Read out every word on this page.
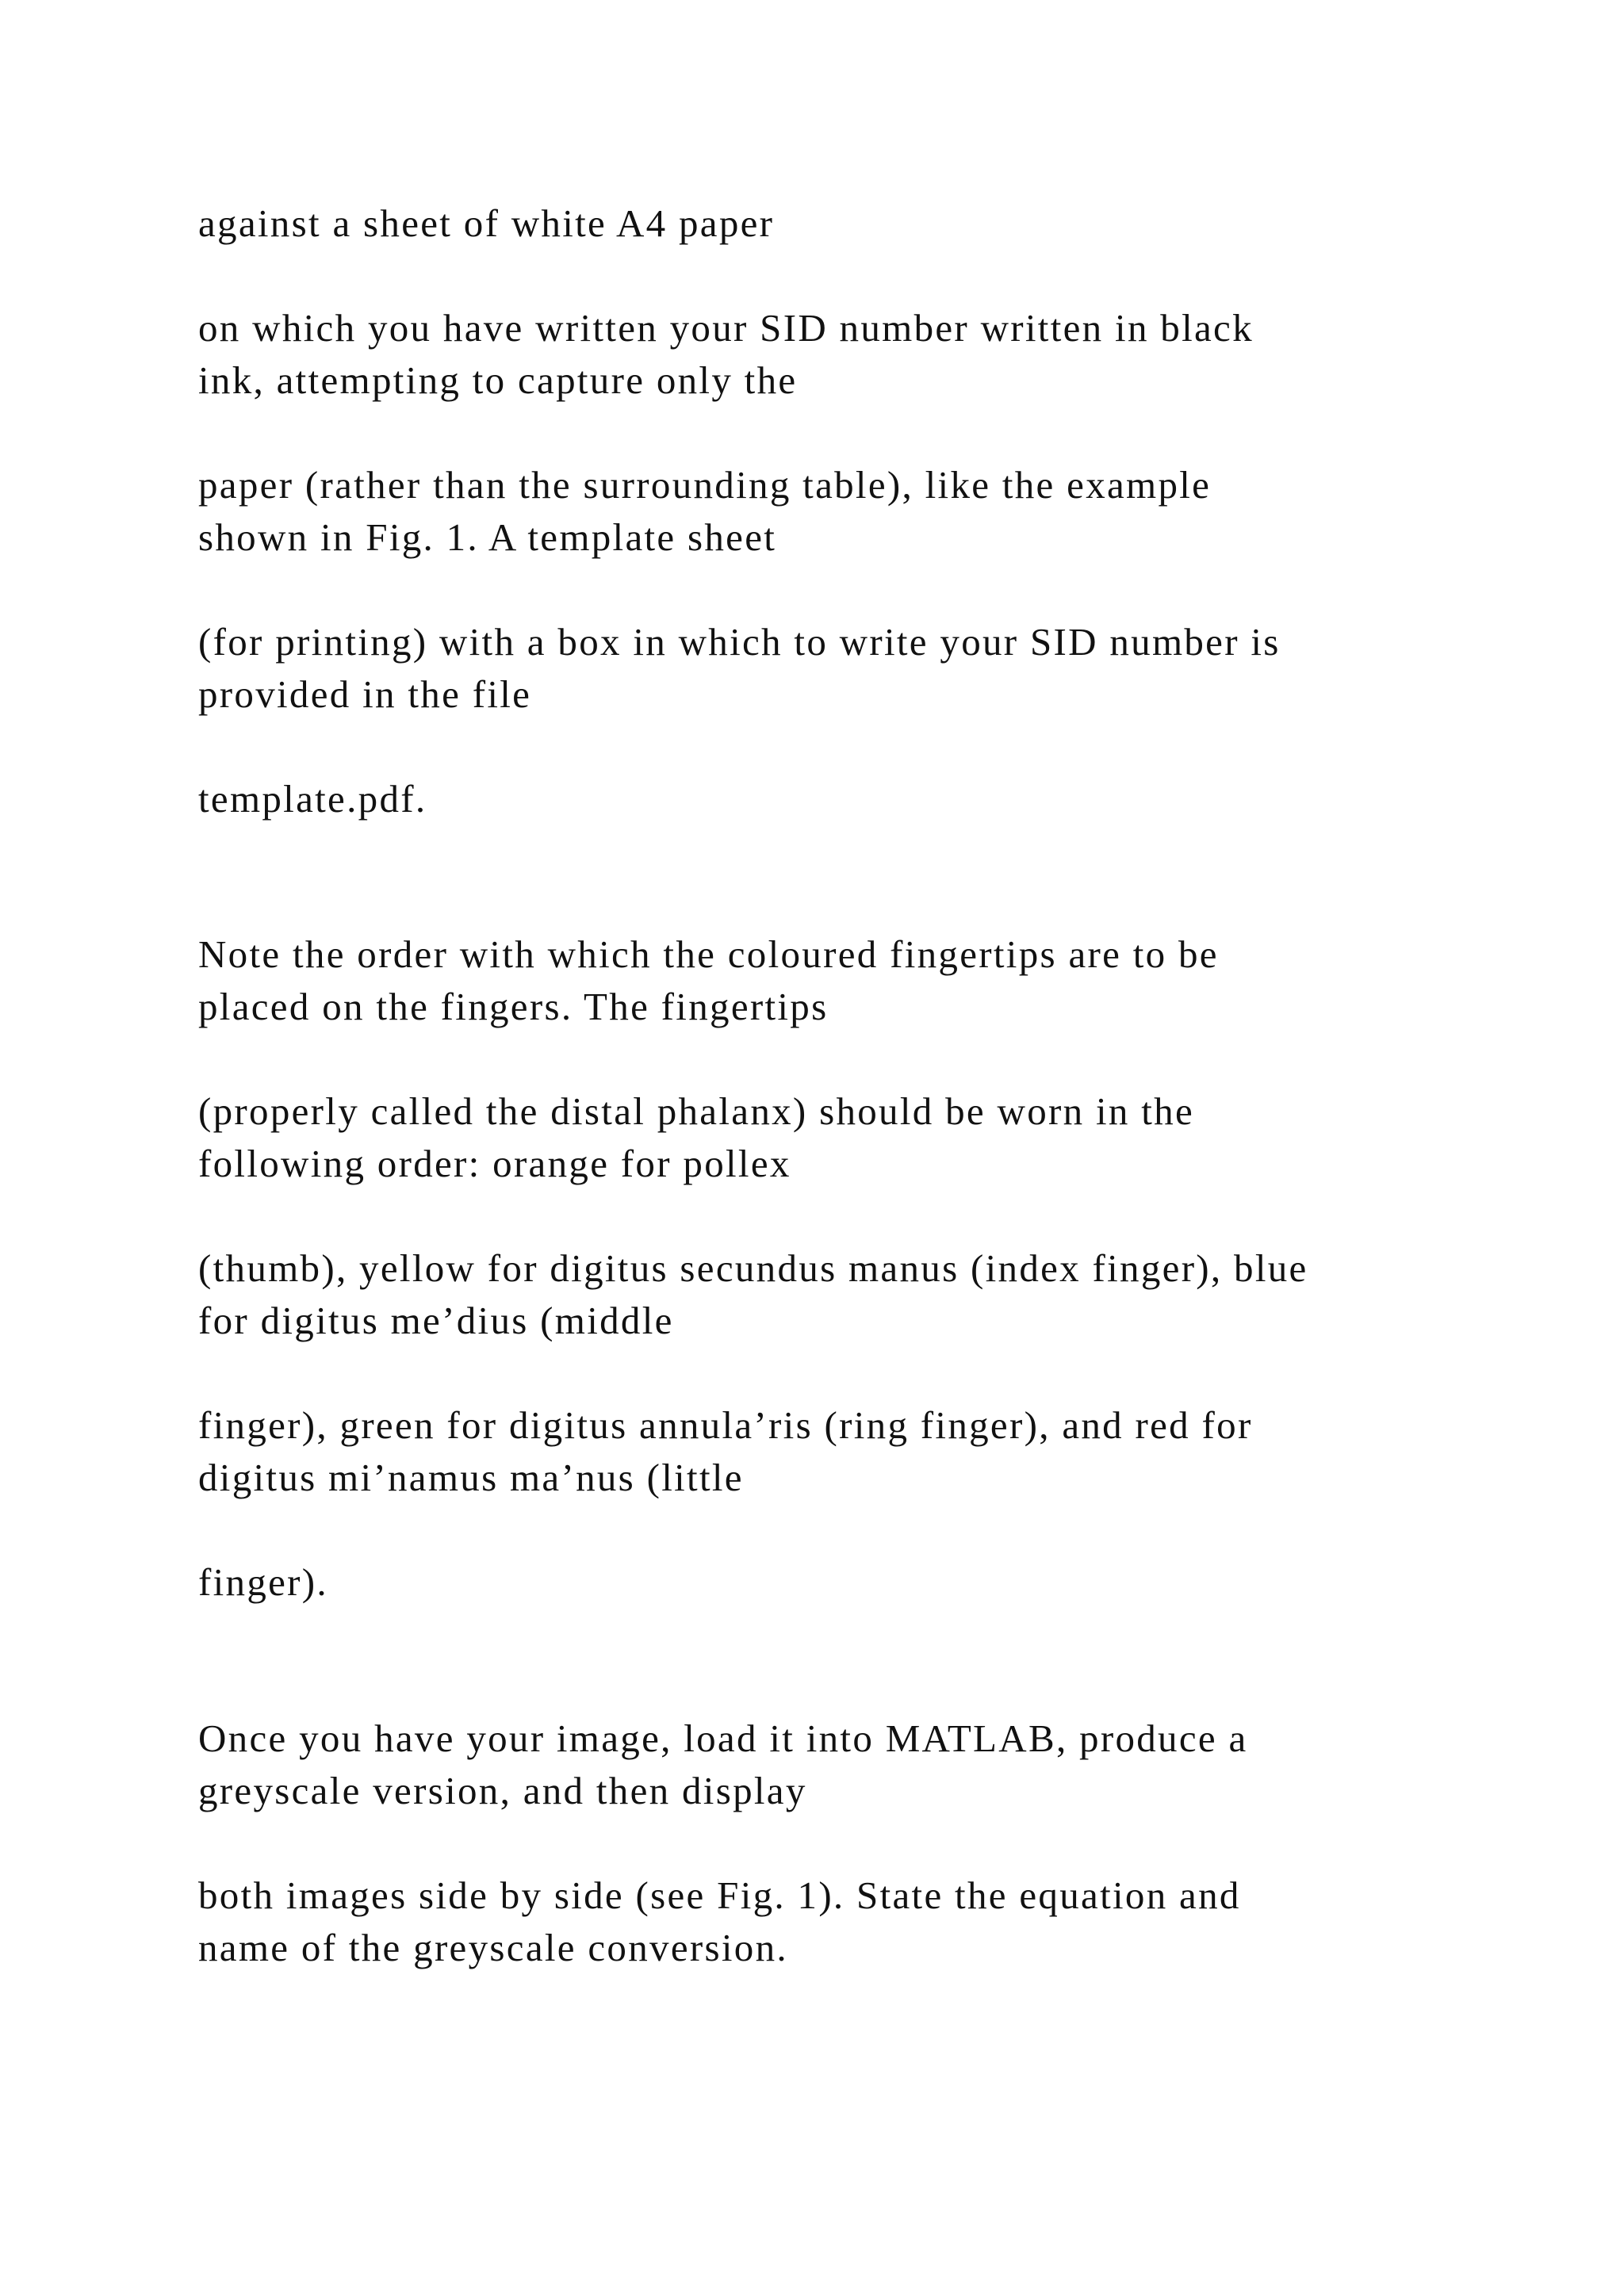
against a sheet of white A4 paper

on which you have written your SID number written in black
ink, attempting to capture only the

paper (rather than the surrounding table), like the example
shown in Fig. 1. A template sheet

(for printing) with a box in which to write your SID number is
provided in the file

template.pdf.

Note the order with which the coloured fingertips are to be
placed on the fingers. The fingertips

(properly called the distal phalanx) should be worn in the
following order: orange for pollex

(thumb), yellow for digitus secundus manus (index finger), blue
for digitus me’dius (middle

finger), green for digitus annula’ris (ring finger), and red for
digitus mi’namus ma’nus (little

finger).

Once you have your image, load it into MATLAB, produce a
greyscale version, and then display

both images side by side (see Fig. 1). State the equation and
name of the greyscale conversion.
